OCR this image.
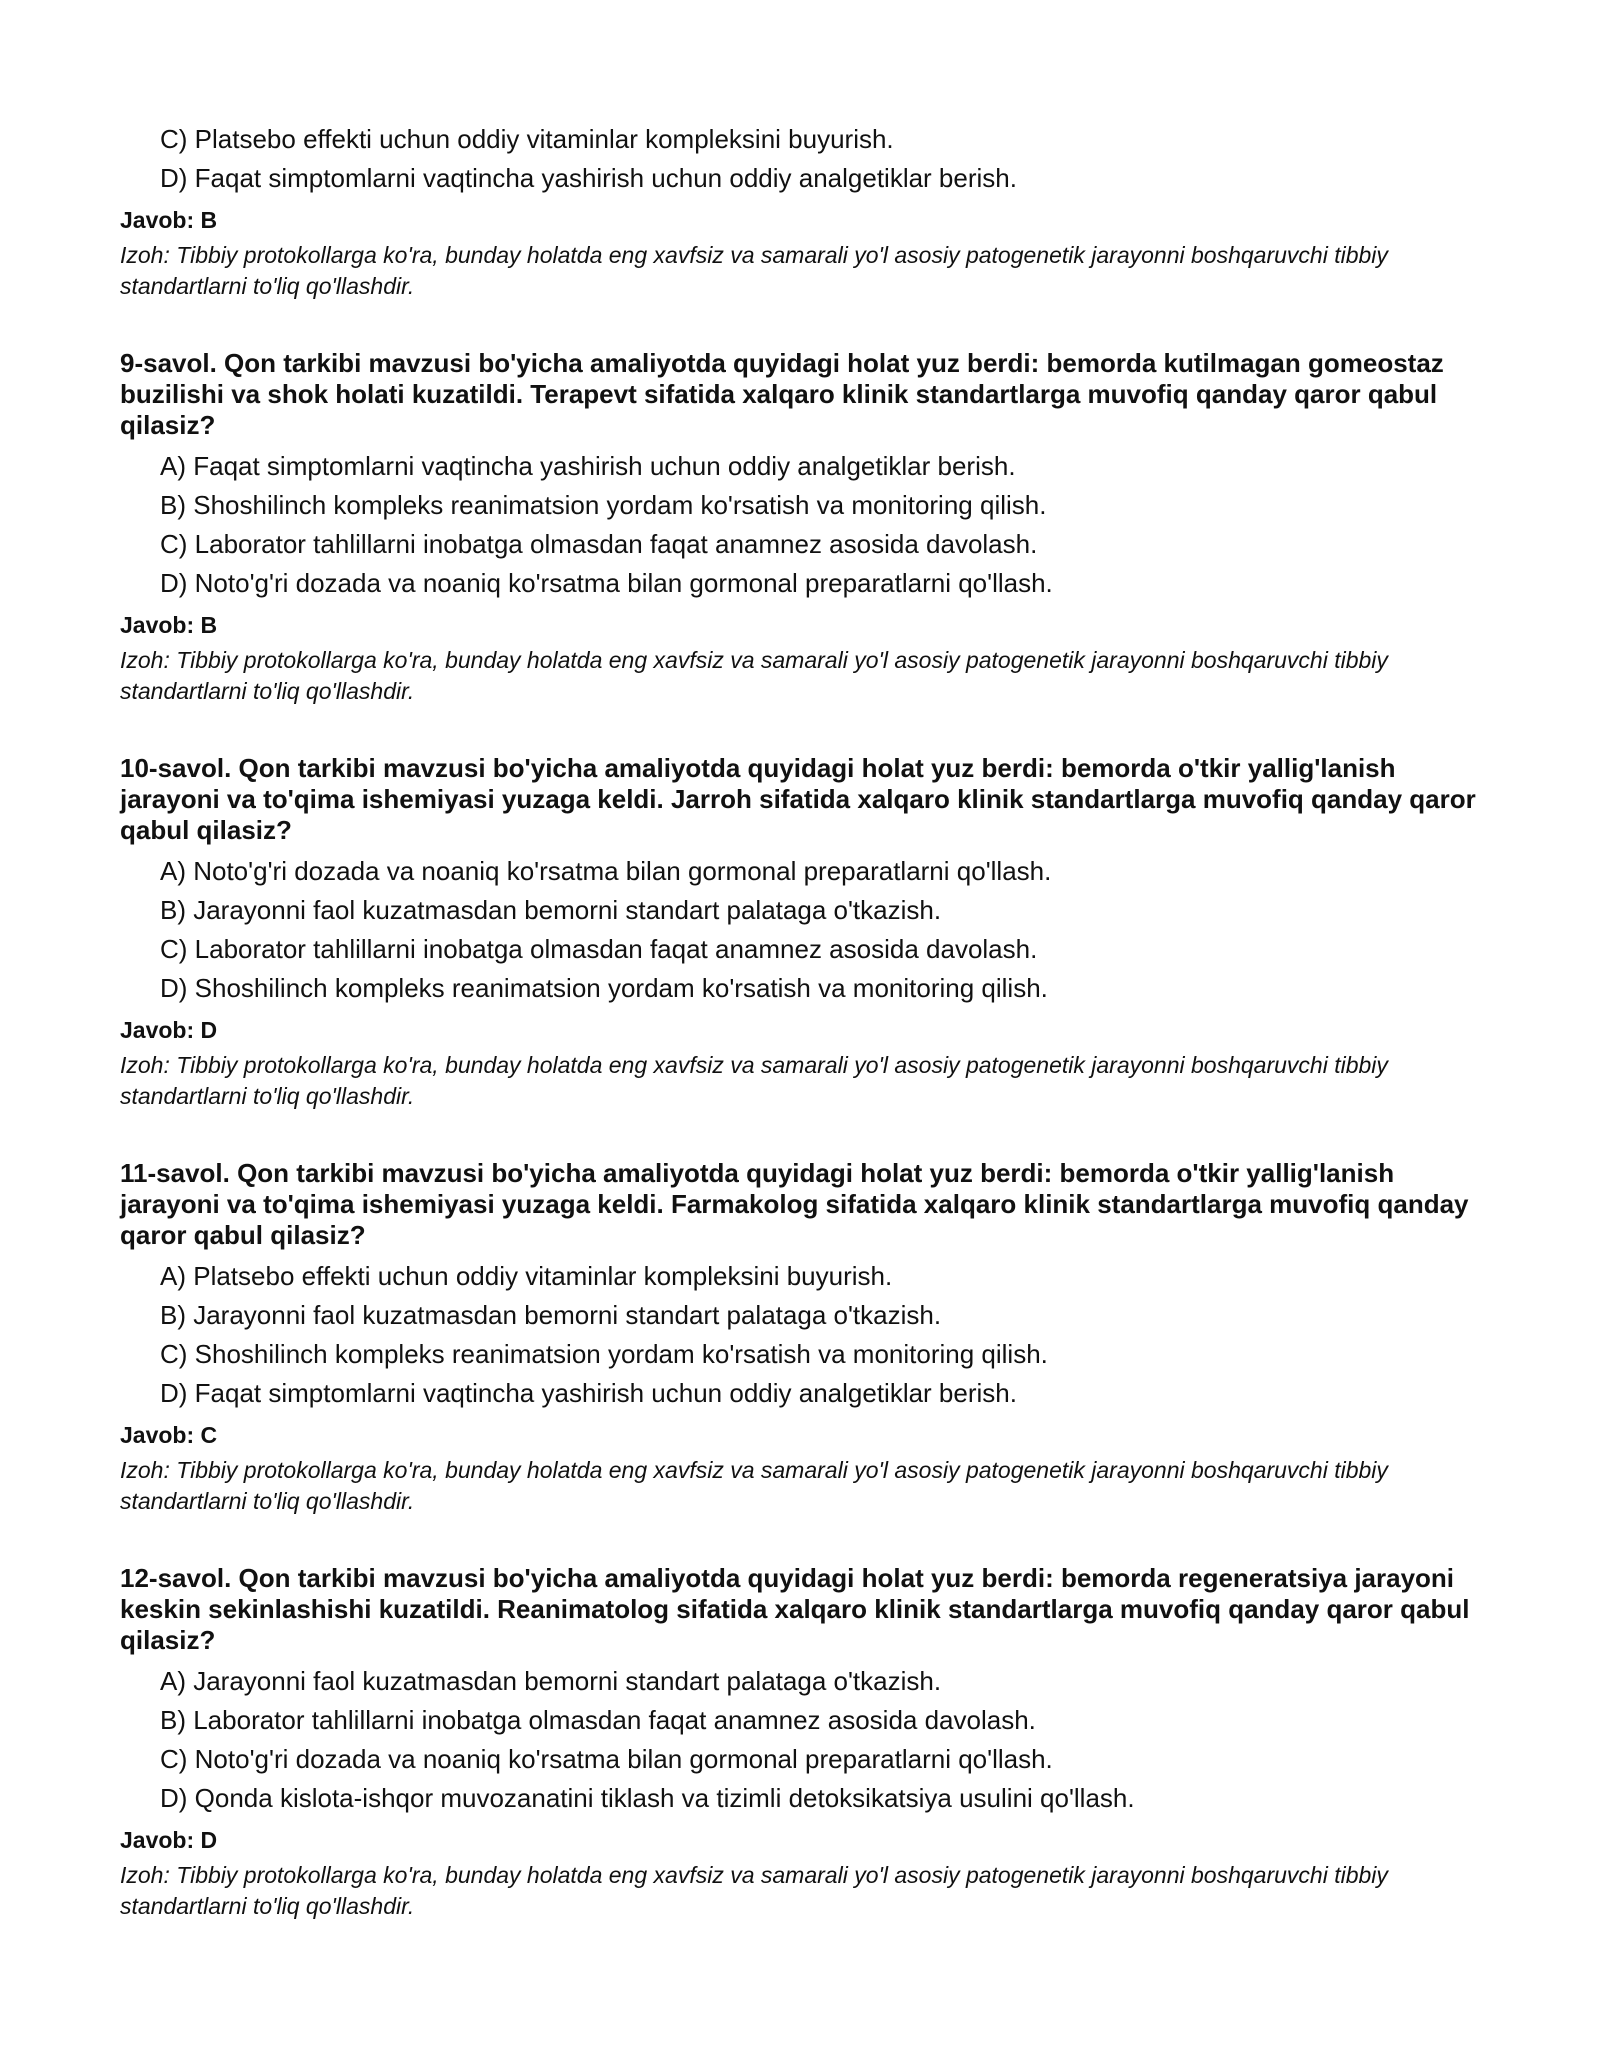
C) Platsebo effekti uchun oddiy vitaminlar kompleksini buyurish.
D) Faqat simptomlarni vaqtincha yashirish uchun oddiy analgetiklar berish.
Javob: B
Izoh: Tibbiy protokollarga ko'ra, bunday holatda eng xavfsiz va samarali yo'l asosiy patogenetik jarayonni boshqaruvchi tibbiy standartlarni to'liq qo'llashdir.
9-savol. Qon tarkibi mavzusi bo'yicha amaliyotda quyidagi holat yuz berdi: bemorda kutilmagan gomeostaz buzilishi va shok holati kuzatildi. Terapevt sifatida xalqaro klinik standartlarga muvofiq qanday qaror qabul qilasiz?
A) Faqat simptomlarni vaqtincha yashirish uchun oddiy analgetiklar berish.
B) Shoshilinch kompleks reanimatsion yordam ko'rsatish va monitoring qilish.
C) Laborator tahlillarni inobatga olmasdan faqat anamnez asosida davolash.
D) Noto'g'ri dozada va noaniq ko'rsatma bilan gormonal preparatlarni qo'llash.
Javob: B
Izoh: Tibbiy protokollarga ko'ra, bunday holatda eng xavfsiz va samarali yo'l asosiy patogenetik jarayonni boshqaruvchi tibbiy standartlarni to'liq qo'llashdir.
10-savol. Qon tarkibi mavzusi bo'yicha amaliyotda quyidagi holat yuz berdi: bemorda o'tkir yallig'lanish jarayoni va to'qima ishemiyasi yuzaga keldi. Jarroh sifatida xalqaro klinik standartlarga muvofiq qanday qaror qabul qilasiz?
A) Noto'g'ri dozada va noaniq ko'rsatma bilan gormonal preparatlarni qo'llash.
B) Jarayonni faol kuzatmasdan bemorni standart palataga o'tkazish.
C) Laborator tahlillarni inobatga olmasdan faqat anamnez asosida davolash.
D) Shoshilinch kompleks reanimatsion yordam ko'rsatish va monitoring qilish.
Javob: D
Izoh: Tibbiy protokollarga ko'ra, bunday holatda eng xavfsiz va samarali yo'l asosiy patogenetik jarayonni boshqaruvchi tibbiy standartlarni to'liq qo'llashdir.
11-savol. Qon tarkibi mavzusi bo'yicha amaliyotda quyidagi holat yuz berdi: bemorda o'tkir yallig'lanish jarayoni va to'qima ishemiyasi yuzaga keldi. Farmakolog sifatida xalqaro klinik standartlarga muvofiq qanday qaror qabul qilasiz?
A) Platsebo effekti uchun oddiy vitaminlar kompleksini buyurish.
B) Jarayonni faol kuzatmasdan bemorni standart palataga o'tkazish.
C) Shoshilinch kompleks reanimatsion yordam ko'rsatish va monitoring qilish.
D) Faqat simptomlarni vaqtincha yashirish uchun oddiy analgetiklar berish.
Javob: C
Izoh: Tibbiy protokollarga ko'ra, bunday holatda eng xavfsiz va samarali yo'l asosiy patogenetik jarayonni boshqaruvchi tibbiy standartlarni to'liq qo'llashdir.
12-savol. Qon tarkibi mavzusi bo'yicha amaliyotda quyidagi holat yuz berdi: bemorda regeneratsiya jarayoni keskin sekinlashishi kuzatildi. Reanimatolog sifatida xalqaro klinik standartlarga muvofiq qanday qaror qabul qilasiz?
A) Jarayonni faol kuzatmasdan bemorni standart palataga o'tkazish.
B) Laborator tahlillarni inobatga olmasdan faqat anamnez asosida davolash.
C) Noto'g'ri dozada va noaniq ko'rsatma bilan gormonal preparatlarni qo'llash.
D) Qonda kislota-ishqor muvozanatini tiklash va tizimli detoksikatsiya usulini qo'llash.
Javob: D
Izoh: Tibbiy protokollarga ko'ra, bunday holatda eng xavfsiz va samarali yo'l asosiy patogenetik jarayonni boshqaruvchi tibbiy standartlarni to'liq qo'llashdir.
